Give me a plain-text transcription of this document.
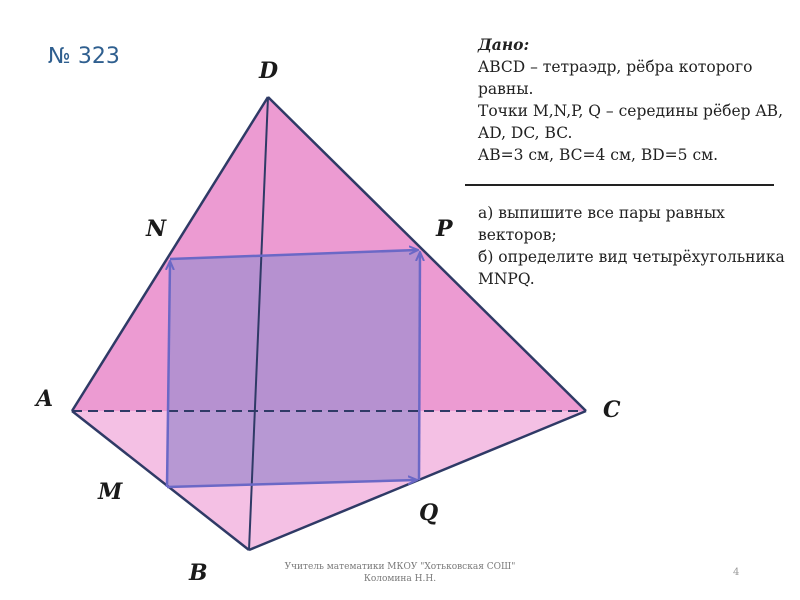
№ 323
D
A	C
B
N	P
M
Q
Дано:
ABCD – тетраэдр, рёбра которого равны.
Точки M,N,P, Q – середины рёбер AB, AD, DC, BC.
AB=3 см, BC=4 см, BD=5 см.
а) выпишите все пары равных векторов;
б) определите вид четырёхугольника MNPQ.
Учитель математики МКОУ "Хотьковская СОШ"
Коломина Н.Н.
4
